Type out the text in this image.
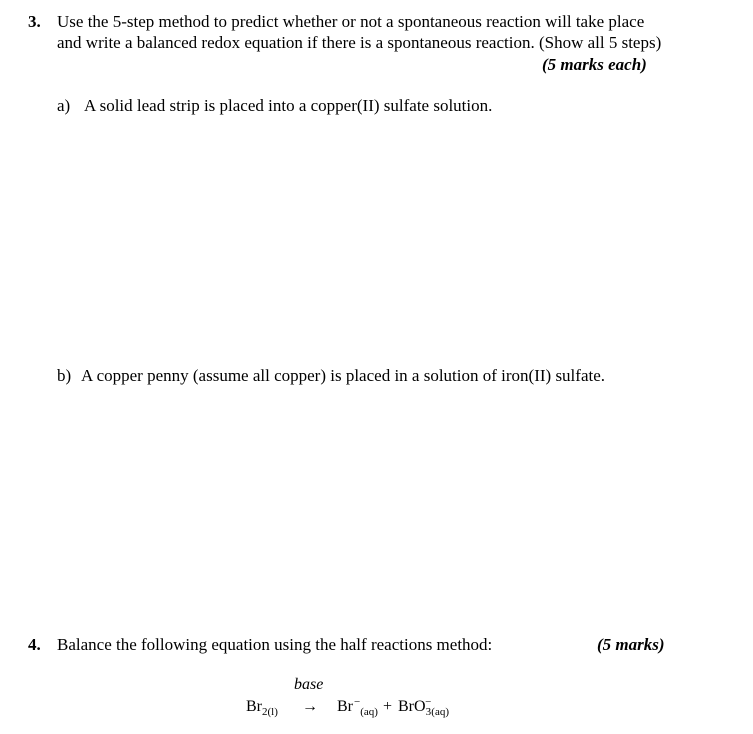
3. Use the 5-step method to predict whether or not a spontaneous reaction will take place
and write a balanced redox equation if there is a spontaneous reaction. (Show all 5 steps)
(5 marks each)
a) A solid lead strip is placed into a copper(II) sulfate solution.
b) A copper penny (assume all copper) is placed in a solution of iron(II) sulfate.
4. Balance the following equation using the half reactions method:	(5 marks)
base
$Br_{2(l)} \to Br^-_{(aq)} + BrO_3^-_{(aq)}$
